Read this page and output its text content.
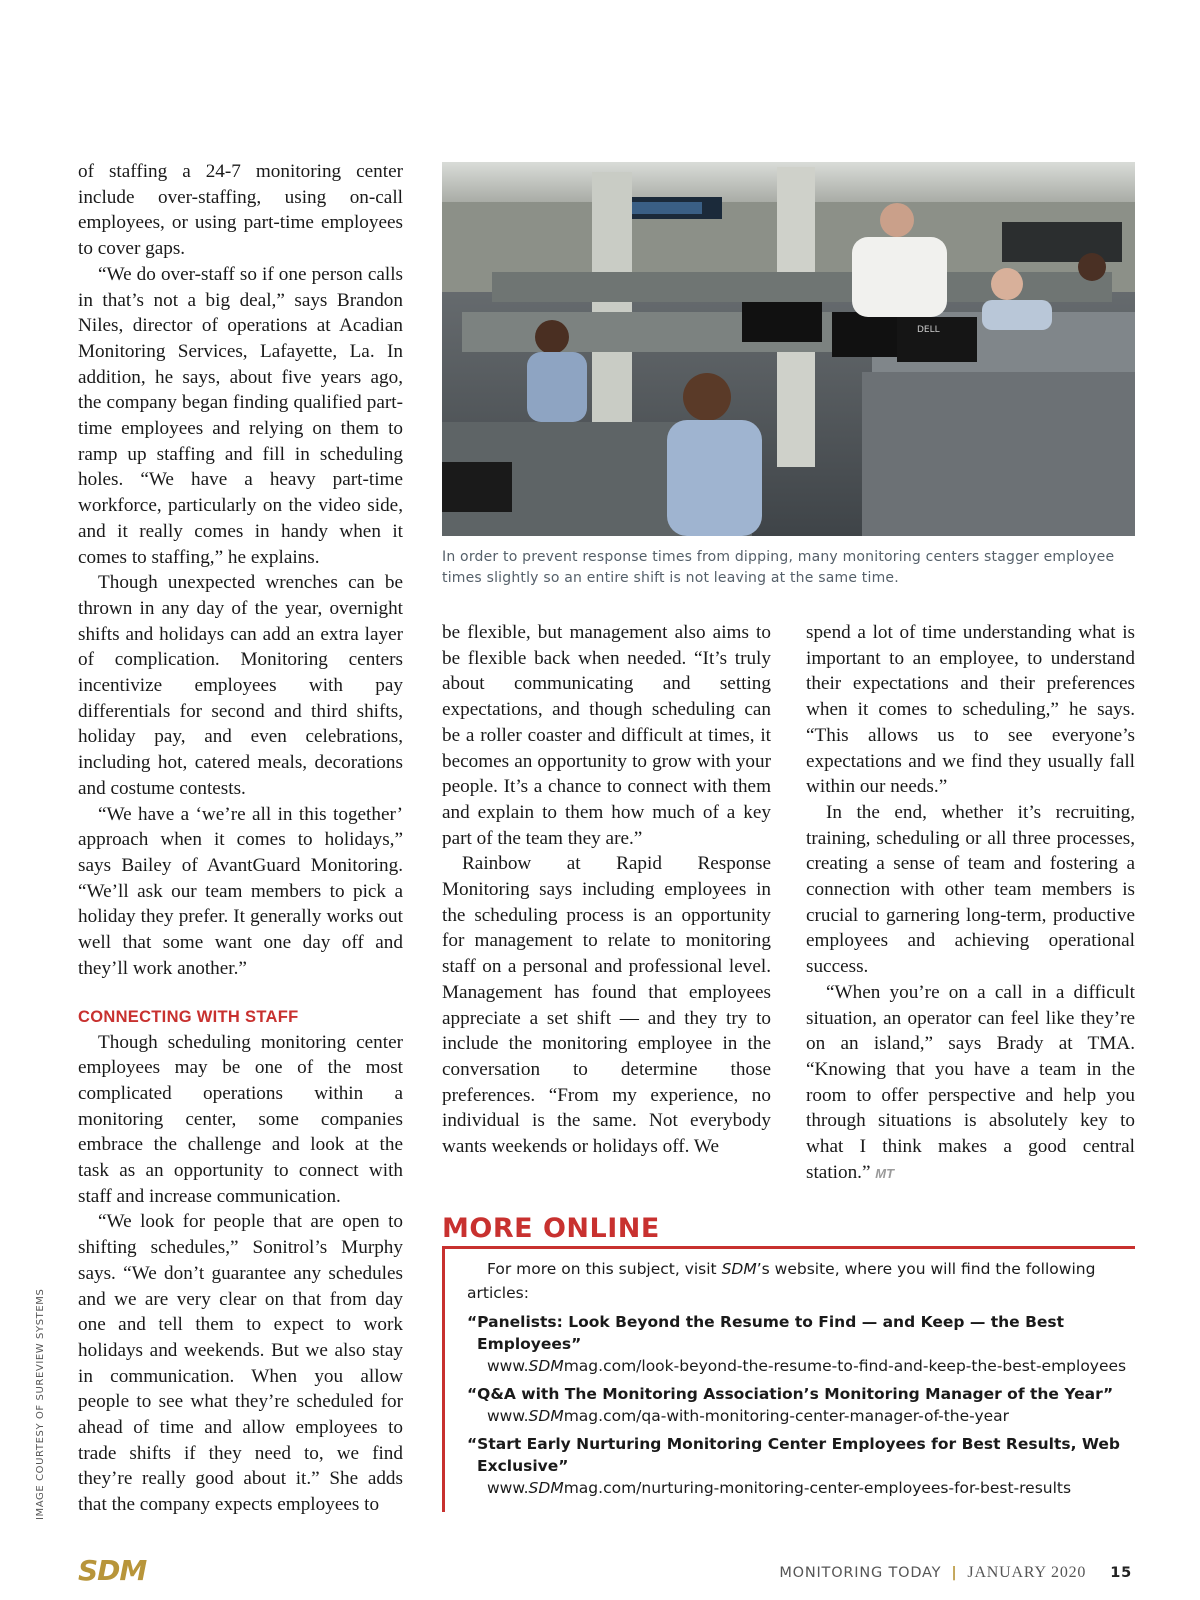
of staffing a 24-7 monitoring center include over-staffing, using on-call employees, or using part-time employees to cover gaps.

“We do over-staff so if one person calls in that’s not a big deal,” says Brandon Niles, director of operations at Acadian Monitoring Services, Lafayette, La. In addition, he says, about five years ago, the company began finding qualified part-time employees and relying on them to ramp up staffing and fill in scheduling holes. “We have a heavy part-time workforce, particularly on the video side, and it really comes in handy when it comes to staffing,” he explains.

Though unexpected wrenches can be thrown in any day of the year, overnight shifts and holidays can add an extra layer of complication. Monitoring centers incentivize employees with pay differentials for second and third shifts, holiday pay, and even celebrations, including hot, catered meals, decorations and costume contests.

“We have a ‘we’re all in this together’ approach when it comes to holidays,” says Bailey of AvantGuard Monitoring. “We’ll ask our team members to pick a holiday they prefer. It generally works out well that some want one day off and they’ll work another.”

CONNECTING WITH STAFF

Though scheduling monitoring center employees may be one of the most complicated operations within a monitoring center, some companies embrace the challenge and look at the task as an opportunity to connect with staff and increase communication.

“We look for people that are open to shifting schedules,” Sonitrol’s Murphy says. “We don’t guarantee any schedules and we are very clear on that from day one and tell them to expect to work holidays and weekends. But we also stay in communication. When you allow people to see what they’re scheduled for ahead of time and allow employees to trade shifts if they need to, we find they’re really good about it.” She adds that the company expects employees to

DELL
In order to prevent response times from dipping, many monitoring centers stagger employee times slightly so an entire shift is not leaving at the same time.
IMAGE COURTESY OF SUREVIEW SYSTEMS

be flexible, but management also aims to be flexible back when needed. “It’s truly about communicating and setting expectations, and though scheduling can be a roller coaster and difficult at times, it becomes an opportunity to grow with your people. It’s a chance to connect with them and explain to them how much of a key part of the team they are.”

Rainbow at Rapid Response Monitoring says including employees in the scheduling process is an opportunity for management to relate to monitoring staff on a personal and professional level. Management has found that employees appreciate a set shift — and they try to include the monitoring employee in the conversation to determine those preferences. “From my experience, no individual is the same. Not everybody wants weekends or holidays off. We

spend a lot of time understanding what is important to an employee, to understand their expectations and their preferences when it comes to scheduling,” he says. “This allows us to see everyone’s expectations and we find they usually fall within our needs.”

In the end, whether it’s recruiting, training, scheduling or all three processes, creating a sense of team and fostering a connection with other team members is crucial to garnering long-term, productive employees and achieving operational success.

“When you’re on a call in a difficult situation, an operator can feel like they’re on an island,” says Brady at TMA. “Knowing that you have a team in the room to offer perspective and help you through situations is absolutely key to what I think makes a good central station.” MT

MORE ONLINE

For more on this subject, visit SDM’s website, where you will find the following articles:

“Panelists: Look Beyond the Resume to Find — and Keep — the Best Employees”
www.SDMmag.com/look-beyond-the-resume-to-find-and-keep-the-best-employees
“Q&A with The Monitoring Association’s Monitoring Manager of the Year”
www.SDMmag.com/qa-with-monitoring-center-manager-of-the-year
“Start Early Nurturing Monitoring Center Employees for Best Results, Web Exclusive”
www.SDMmag.com/nurturing-monitoring-center-employees-for-best-results
SDM	MONITORING TODAY | JANUARY 2020 15
